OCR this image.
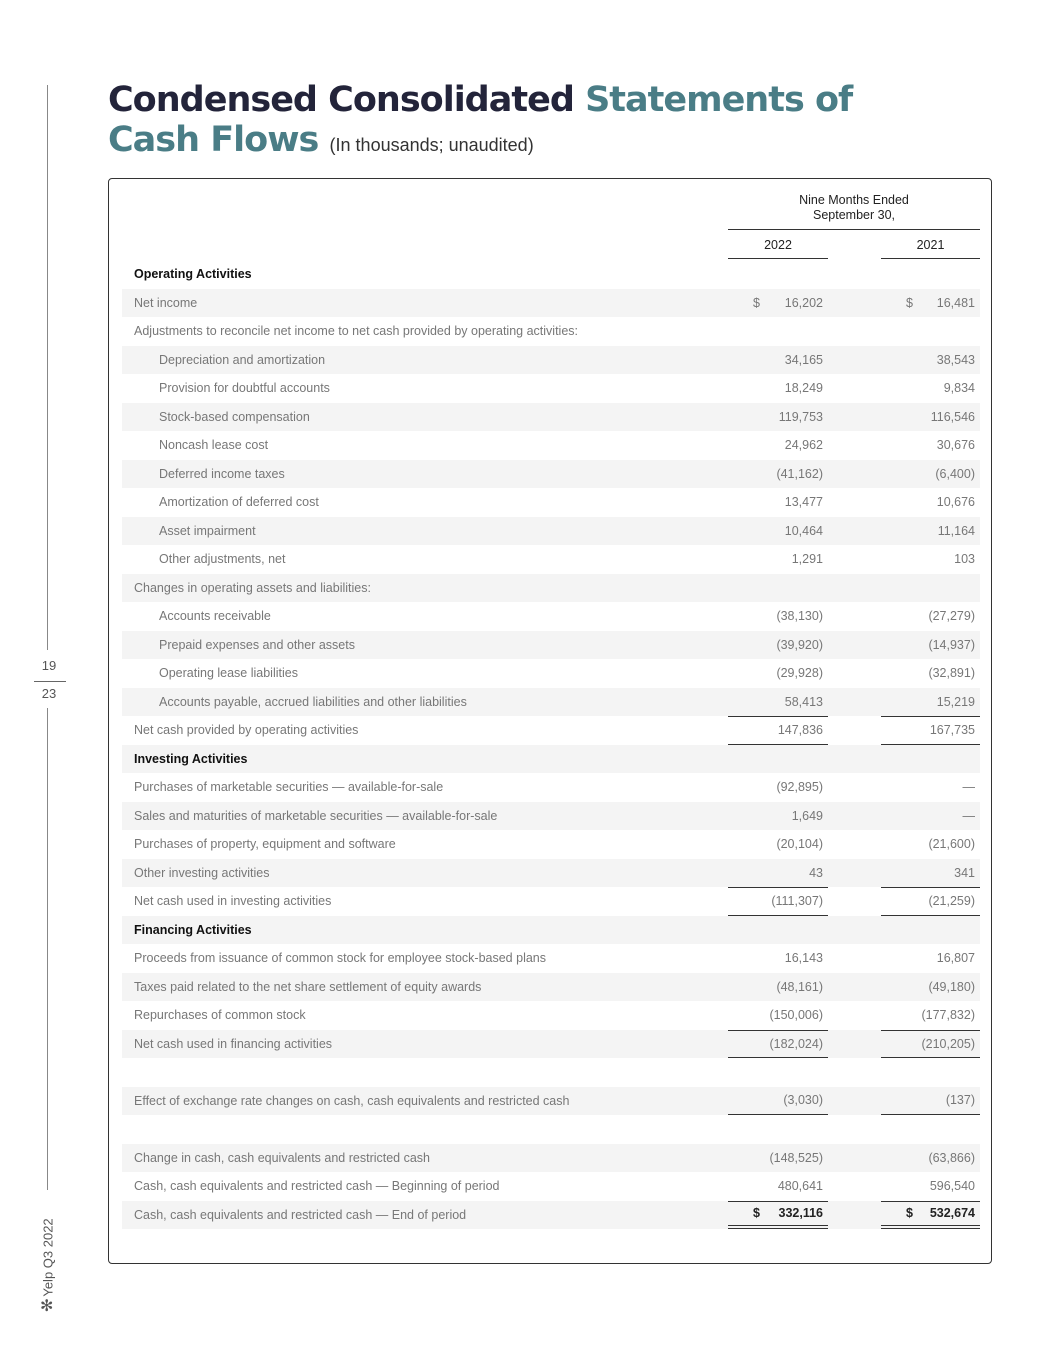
Condensed Consolidated Statements of
Cash Flows (In thousands; unaudited)
Nine Months Ended
September 30,
2022	2021
Operating Activities
Net income	$ 16,202	$ 16,481
Adjustments to reconcile net income to net cash provided by operating activities:
Depreciation and amortization	34,165	38,543
Provision for doubtful accounts	18,249	9,834
Stock-based compensation	119,753	116,546
Noncash lease cost	24,962	30,676
Deferred income taxes	(41,162)	(6,400)
Amortization of deferred cost	13,477	10,676
Asset impairment	10,464	11,164
Other adjustments, net	1,291	103
Changes in operating assets and liabilities:
Accounts receivable	(38,130)	(27,279)
Prepaid expenses and other assets	(39,920)	(14,937)
Operating lease liabilities	(29,928)	(32,891)
Accounts payable, accrued liabilities and other liabilities	58,413	15,219
Net cash provided by operating activities	147,836	167,735
Investing Activities
Purchases of marketable securities — available-for-sale	(92,895)	—
Sales and maturities of marketable securities — available-for-sale	1,649	—
Purchases of property, equipment and software	(20,104)	(21,600)
Other investing activities	43	341
Net cash used in investing activities	(111,307)	(21,259)
Financing Activities
Proceeds from issuance of common stock for employee stock-based plans	16,143	16,807
Taxes paid related to the net share settlement of equity awards	(48,161)	(49,180)
Repurchases of common stock	(150,006)	(177,832)
Net cash used in financing activities	(182,024)	(210,205)
Effect of exchange rate changes on cash, cash equivalents and restricted cash	(3,030)	(137)
Change in cash, cash equivalents and restricted cash	(148,525)	(63,866)
Cash, cash equivalents and restricted cash — Beginning of period	480,641	596,540
Cash, cash equivalents and restricted cash — End of period	$ 332,116	$ 532,674
19
23
Yelp Q3 2022
✻
